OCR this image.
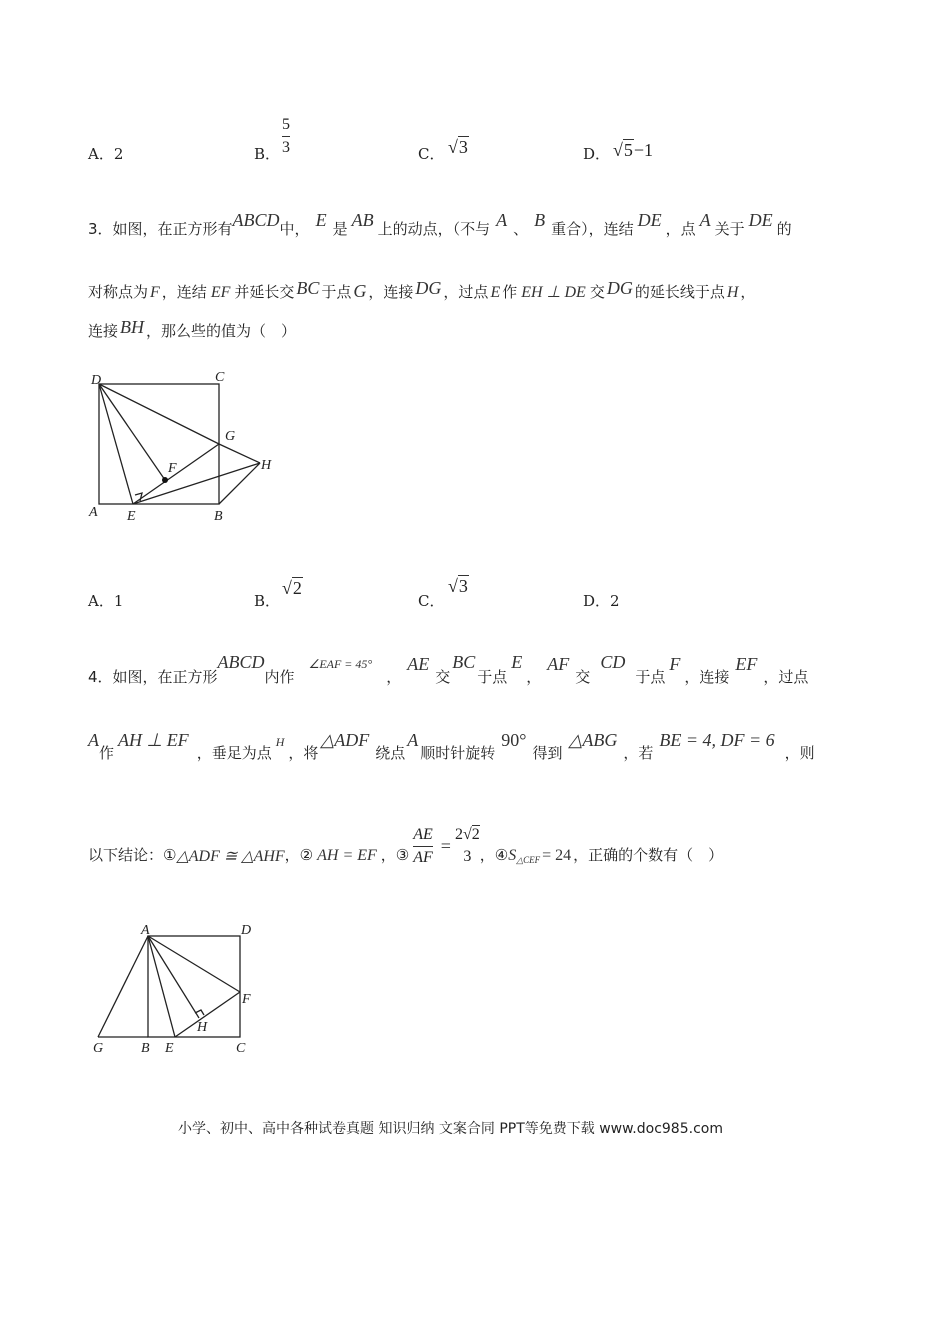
A．2	B．
5
3	C． √3	D． √5−1
3．如图，在正方形有ABCD中， E 是 AB 上的动点，（不与 A 、 B 重合），连结 DE ，点 A 关于 DE 的
对称点为 F ，连结 EF 并延长交 BC 于点 G ，连接 DG ，过点 E 作 EH ⊥ DE 交 DG 的延长线于点 H ，
连接 BH ，那么些的值为（　）
D	C
G
F	H
A E	B
A．1	B．
√2
C．
√3
D．2
4．如图，在正方形ABCD内作$^{\angle EAF = 45^\circ}$，AE交BC于点E，AF交CD于点F，连接EF，过点
A作AH ⊥ EF，垂足为点$^H$，将△ADF绕点A顺时针旋转90°得到△ABG，若BE = 4, DF = 6，则
以下结论：① △ADF ≅ △AHF ，② AH = EF ，③ $\frac{AE}{AF}$ =
2√2
3 ，④ S △CEF = 24 ，正确的个数有（　）
A	D
F
H
G	B E	C
小学、初中、高中各种试卷真题 知识归纳 文案合同 PPT等免费下载 www.doc985.com
